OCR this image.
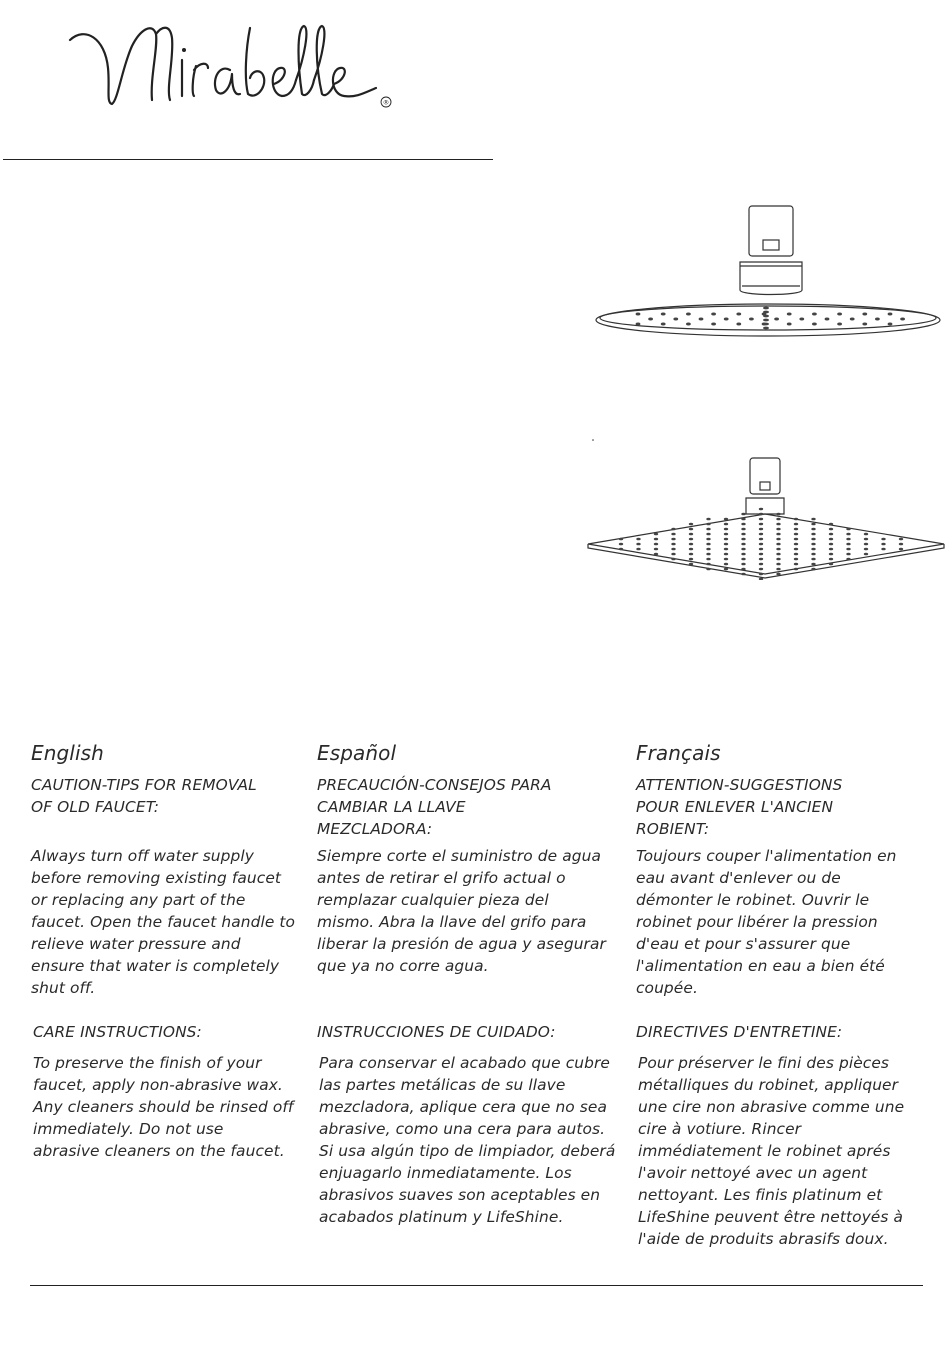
®
English

CAUTION-TIPS FOR REMOVAL
OF OLD FAUCET:

Always turn off water supply before removing existing faucet or replacing any part of the faucet. Open the faucet handle to relieve water pressure and ensure that water is completely shut off.

CARE INSTRUCTIONS:

To preserve the finish of your faucet, apply non-abrasive wax. Any cleaners should be rinsed off immediately. Do not use abrasive cleaners on the faucet.

Español

PRECAUCIÓN-CONSEJOS PARA
CAMBIAR LA LLAVE
MEZCLADORA:

Siempre corte el suministro de agua antes de retirar el grifo actual o remplazar cualquier pieza del mismo. Abra la llave del grifo para liberar la presión de agua y asegurar que ya no corre agua.

INSTRUCCIONES DE CUIDADO:

Para conservar el acabado que cubre las partes metálicas de su llave mezcladora, aplique cera que no sea abrasive, como una cera para autos. Si usa algún tipo de limpiador, deberá enjuagarlo inmediatamente. Los abrasivos suaves son aceptables en acabados platinum y LifeShine.

Français

ATTENTION-SUGGESTIONS
POUR ENLEVER L'ANCIEN
ROBIENT:

Toujours couper l'alimentation en eau avant d'enlever ou de démonter le robinet. Ouvrir le robinet pour libérer la pression d'eau et pour s'assurer que l'alimentation en eau a bien été coupée.

DIRECTIVES D'ENTRETINE:

Pour préserver le fini des pièces métalliques du robinet, appliquer une cire non abrasive comme une cire à votiure. Rincer immédiatement le robinet aprés l'avoir nettoyé avec un agent nettoyant. Les finis platinum et LifeShine peuvent être nettoyés à l'aide de produits abrasifs doux.
